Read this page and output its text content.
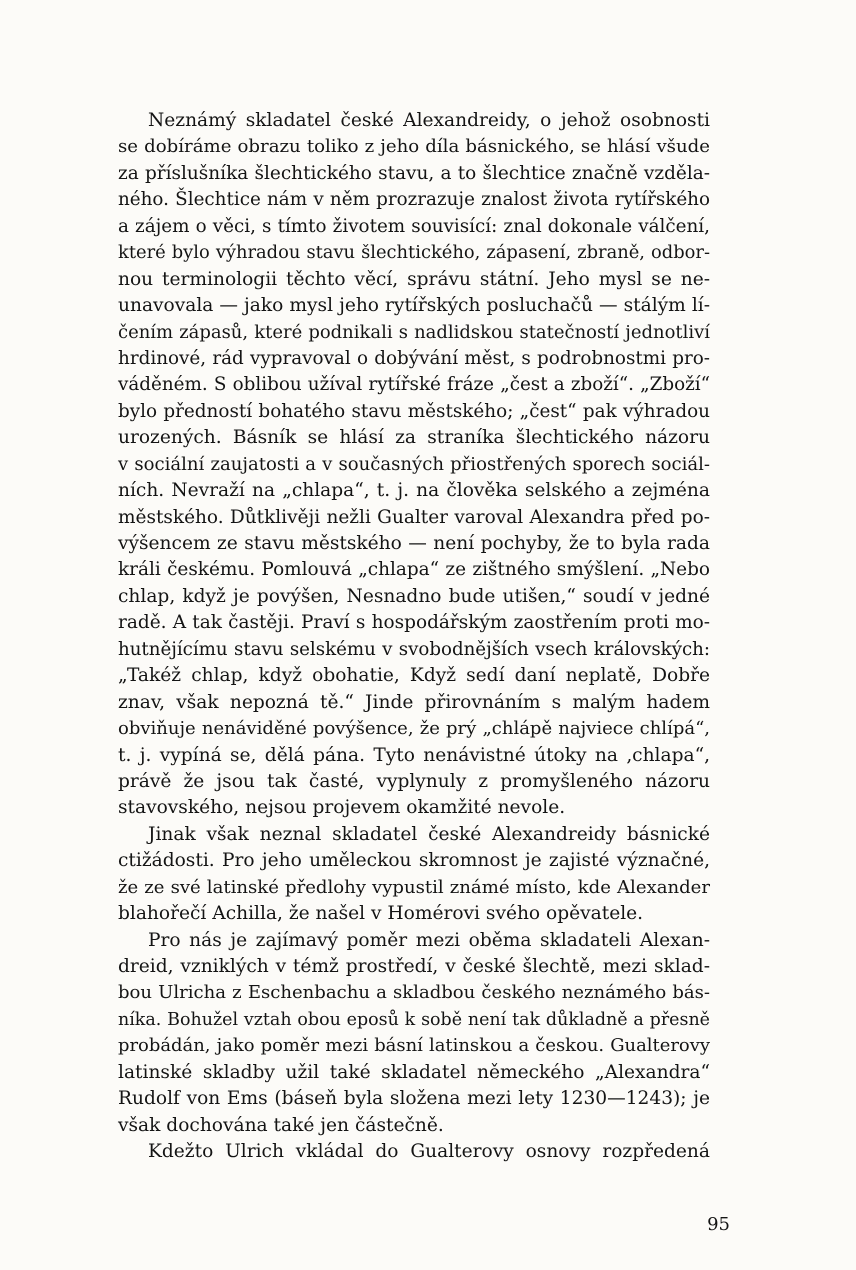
Neznámý skladatel české Alexandreidy, o jehož osobnosti
se dobíráme obrazu toliko z jeho díla básnického, se hlásí všude
za příslušníka šlechtického stavu, a to šlechtice značně vzděla-
ného. Šlechtice nám v něm prozrazuje znalost života rytířského
a zájem o věci, s tímto životem souvisící: znal dokonale válčení,
které bylo výhradou stavu šlechtického, zápasení, zbraně, odbor-
nou terminologii těchto věcí, správu státní. Jeho mysl se ne-
unavovala — jako mysl jeho rytířských posluchačů — stálým lí-
čením zápasů, které podnikali s nadlidskou statečností jednotliví
hrdinové, rád vypravoval o dobývání měst, s podrobnostmi pro-
váděném. S oblibou užíval rytířské fráze „čest a zboží“. „Zboží“
bylo předností bohatého stavu městského; „čest“ pak výhradou
urozených. Básník se hlásí za straníka šlechtického názoru
v sociální zaujatosti a v současných přiostřených sporech sociál-
ních. Nevraží na „chlapa“, t. j. na člověka selského a zejména
městského. Důtklivěji nežli Gualter varoval Alexandra před po-
výšencem ze stavu městského — není pochyby, že to byla rada
králi českému. Pomlouvá „chlapa“ ze zištného smýšlení. „Nebo
chlap, když je povýšen, Nesnadno bude utišen,“ soudí v jedné
radě. A tak častěji. Praví s hospodářským zaostřením proti mo-
hutnějícímu stavu selskému v svobodnějších vsech královských:
„Takéž chlap, když obohatie, Když sedí daní neplatě, Dobře
znav, však nepozná tě.“ Jinde přirovnáním s malým hadem
obviňuje nenáviděné povýšence, že prý „chlápě najviece chlípá“,
t. j. vypíná se, dělá pána. Tyto nenávistné útoky na ‚chlapa“,
právě že jsou tak časté, vyplynuly z promyšleného názoru
stavovského, nejsou projevem okamžité nevole.
Jinak však neznal skladatel české Alexandreidy básnické
ctižádosti. Pro jeho uměleckou skromnost je zajisté význačné,
že ze své latinské předlohy vypustil známé místo, kde Alexander
blahořečí Achilla, že našel v Homérovi svého opěvatele.
Pro nás je zajímavý poměr mezi oběma skladateli Alexan-
dreid, vzniklých v témž prostředí, v české šlechtě, mezi sklad-
bou Ulricha z Eschenbachu a skladbou českého neznámého bás-
níka. Bohužel vztah obou eposů k sobě není tak důkladně a přesně
probádán, jako poměr mezi básní latinskou a českou. Gualterovy
latinské skladby užil také skladatel německého „Alexandra“
Rudolf von Ems (báseň byla složena mezi lety 1230—1243); je
však dochována také jen částečně.
Kdežto Ulrich vkládal do Gualterovy osnovy rozpředená
95
